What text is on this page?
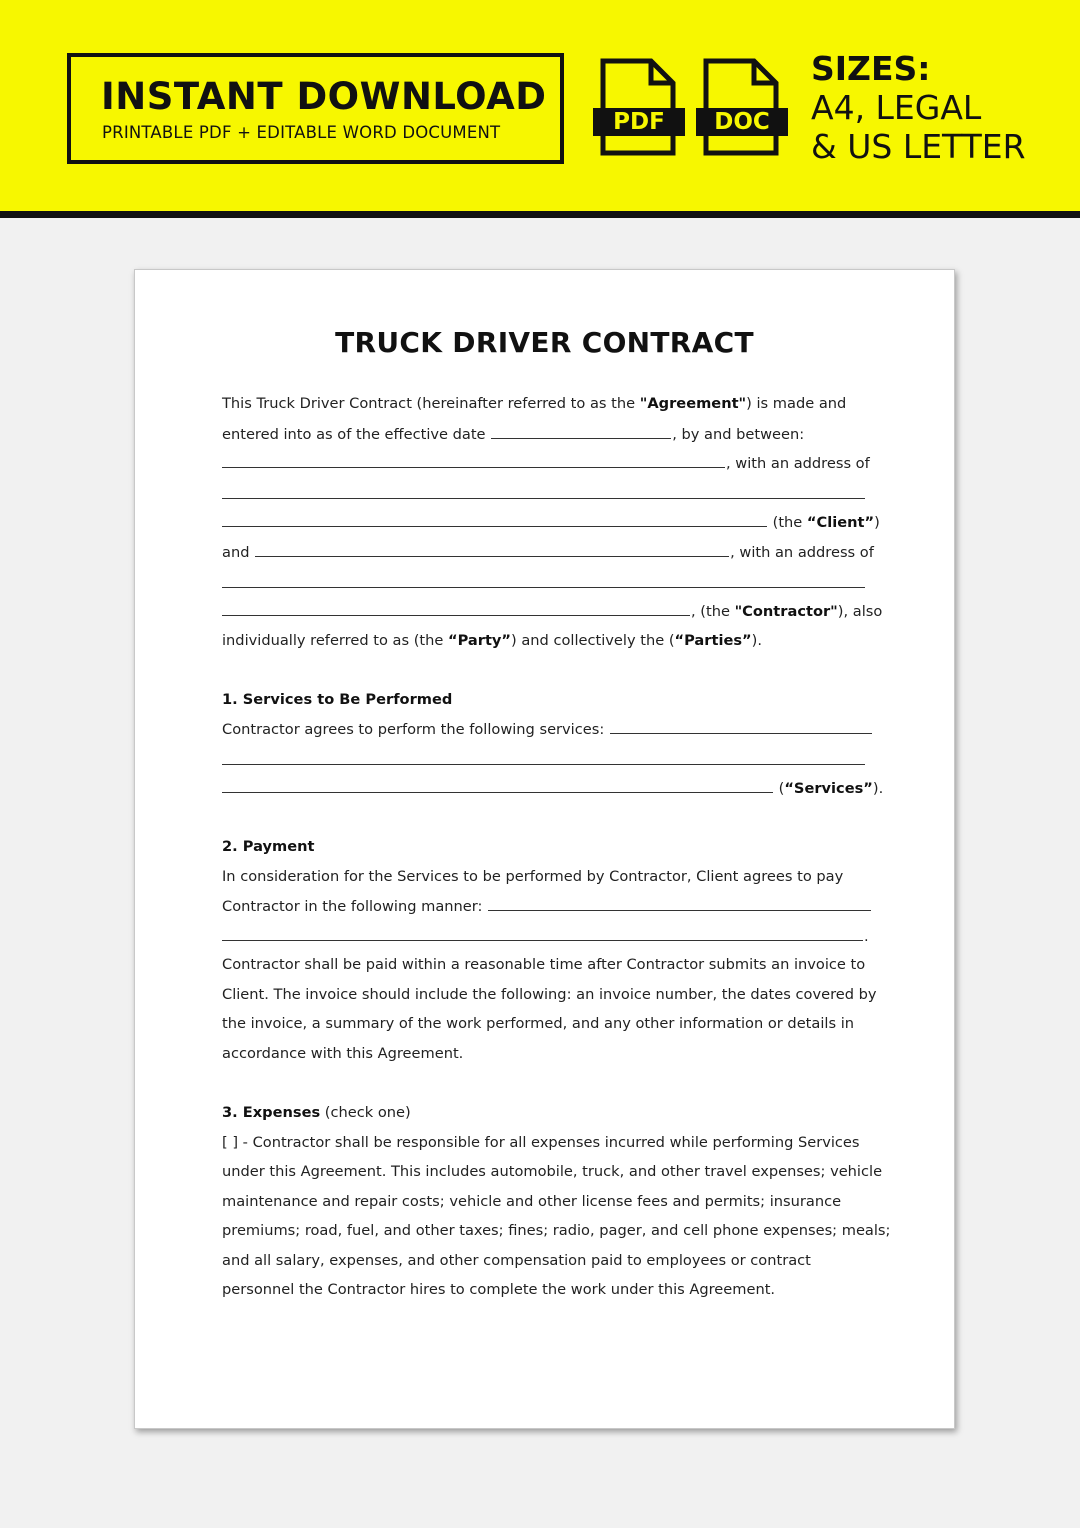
INSTANT DOWNLOAD
PRINTABLE PDF + EDITABLE WORD DOCUMENT	PDF	DOC
SIZES:
A4, LEGAL
& US LETTER
TRUCK DRIVER CONTRACT
This Truck Driver Contract (hereinafter referred to as the "Agreement") is made and
entered into as of the effective date	, by and between:
, with an address of
(the “Client”)
and	, with an address of
, (the "Contractor"), also
individually referred to as (the “Party”) and collectively the (“Parties”).
1. Services to Be Performed
Contractor agrees to perform the following services:
(“Services”).
2. Payment
In consideration for the Services to be performed by Contractor, Client agrees to pay
Contractor in the following manner:
.
Contractor shall be paid within a reasonable time after Contractor submits an invoice to
Client. The invoice should include the following: an invoice number, the dates covered by
the invoice, a summary of the work performed, and any other information or details in
accordance with this Agreement.
3. Expenses (check one)
[ ] - Contractor shall be responsible for all expenses incurred while performing Services
under this Agreement. This includes automobile, truck, and other travel expenses; vehicle
maintenance and repair costs; vehicle and other license fees and permits; insurance
premiums; road, fuel, and other taxes; fines; radio, pager, and cell phone expenses; meals;
and all salary, expenses, and other compensation paid to employees or contract
personnel the Contractor hires to complete the work under this Agreement.
